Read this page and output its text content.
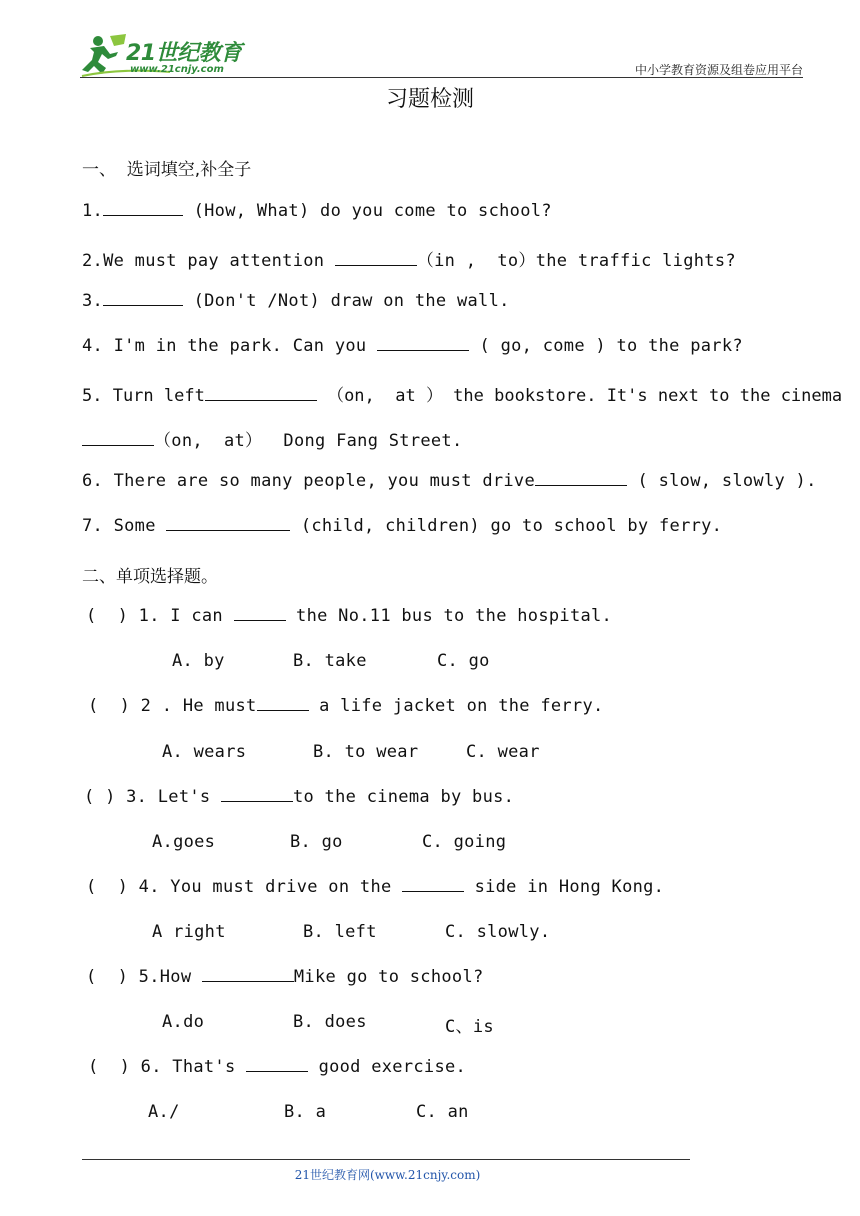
21世纪教育
www.21cnjy.com	中小学教育资源及组卷应用平台
习题检测
一、  选词填空,补全子
1.	(How, What) do you come to school?
2.We must pay attention	（in ,  to）the traffic lights?
3.	(Don't /Not) draw on the wall.
4. I'm in the park. Can you	( go, come ) to the park?
5. Turn left	（on,  at ） the bookstore. It's next to the cinema
（on,  at）  Dong Fang Street.
6. There are so many people, you must drive	( slow, slowly ).
7. Some	(child, children) go to school by ferry.
二、单项选择题。
(  ) 1. I can	the No.11 bus to the hospital.
A. by	B. take	C. go
(  ) 2 . He must	a life jacket on the ferry.
A. wears	B. to wear	C. wear
( ) 3. Let's	to the cinema by bus.
A.goes	B. go	C. going
(  ) 4. You must drive on the	side in Hong Kong.
A right	B. left	C. slowly.
(  ) 5.How	Mike go to school?
A.do	B. does	C、is
(  ) 6. That's	good exercise.
A./	B. a	C. an
21世纪教育网(www.21cnjy.com)
